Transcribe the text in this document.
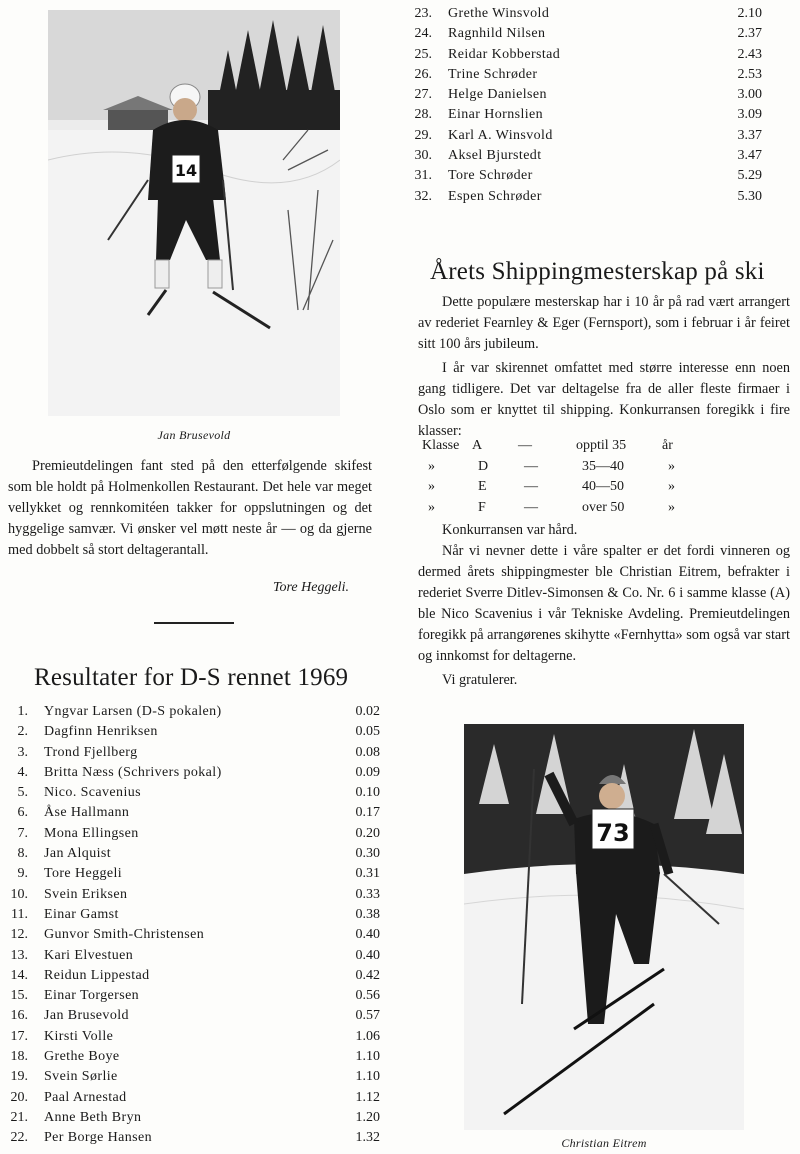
14
Jan Brusevold

Premieutdelingen fant sted på den etterfølgende skifest som ble holdt på Holmenkollen Restaurant. Det hele var meget vellykket og rennkomitéen takker for oppslutningen og det hyggelige samvær. Vi ønsker vel møtt neste år — og da gjerne med dobbelt så stort deltagerantall.

Tore Heggeli.
Resultater for D-S rennet 1969
1. Yngvar Larsen (D-S pokalen)	0.02
2. Dagfinn Henriksen	0.05
3. Trond Fjellberg	0.08
4. Britta Næss (Schrivers pokal)	0.09
5. Nico. Scavenius	0.10
6. Åse Hallmann	0.17
7. Mona Ellingsen	0.20
8. Jan Alquist	0.30
9. Tore Heggeli	0.31
10. Svein Eriksen	0.33
11. Einar Gamst	0.38
12. Gunvor Smith-Christensen	0.40
13. Kari Elvestuen	0.40
14. Reidun Lippestad	0.42
15. Einar Torgersen	0.56
16. Jan Brusevold	0.57
17. Kirsti Volle	1.06
18. Grethe Boye	1.10
19. Svein Sørlie	1.10
20. Paal Arnestad	1.12
21. Anne Beth Bryn	1.20
22. Per Borge Hansen	1.32
23. Grethe Winsvold	2.10
24. Ragnhild Nilsen	2.37
25. Reidar Kobberstad	2.43
26. Trine Schrøder	2.53
27. Helge Danielsen	3.00
28. Einar Hornslien	3.09
29. Karl A. Winsvold	3.37
30. Aksel Bjurstedt	3.47
31. Tore Schrøder	5.29
32. Espen Schrøder	5.30
Årets Shippingmesterskap på ski

Dette populære mesterskap har i 10 år på rad vært arrangert av rederiet Fearnley & Eger (Fernsport), som i februar i år feiret sitt 100 års jubileum.

I år var skirennet omfattet med større interesse enn noen gang tidligere. Det var deltagelse fra de aller fleste firmaer i Oslo som er knyttet til shipping. Konkurransen foregikk i fire klasser:

Klasse A	—	opptil 35	år
»	D	—	35—40	»
»	E	—	40—50	»
»	F	—	over 50	»

Konkurransen var hård.

Når vi nevner dette i våre spalter er det fordi vinneren og dermed årets shippingmester ble Christian Eitrem, befrakter i rederiet Sverre Ditlev-Simonsen & Co. Nr. 6 i samme klasse (A) ble Nico Scavenius i vår Tekniske Avdeling. Premieutdelingen foregikk på arrangørenes skihytte «Fernhytta» som også var start og innkomst for deltagerne.

Vi gratulerer.

73
Christian Eitrem
